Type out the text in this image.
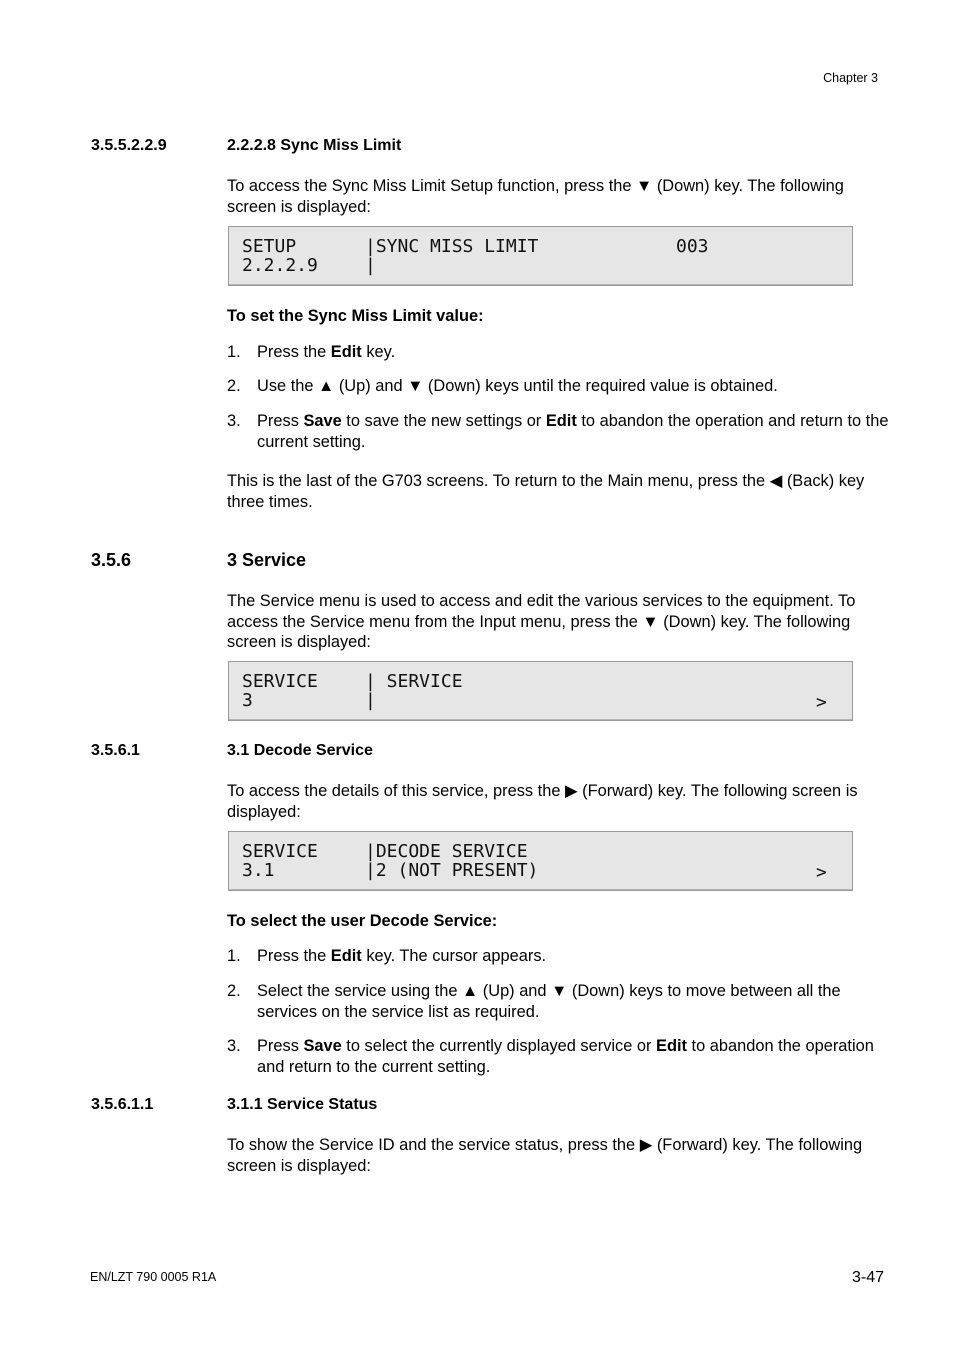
Chapter 3
3.5.5.2.2.9	2.2.2.8 Sync Miss Limit
To access the Sync Miss Limit Setup function, press the ▼ (Down) key. The following screen is displayed:
SETUP	|SYNC MISS LIMIT	003
2.2.2.9	|
To set the Sync Miss Limit value:
1. Press the Edit key.
2. Use the ▲ (Up) and ▼ (Down) keys until the required value is obtained.
3. Press Save to save the new settings or Edit to abandon the operation and return to the current setting.
This is the last of the G703 screens. To return to the Main menu, press the ◀ (Back) key three times.
3.5.6	3 Service
The Service menu is used to access and edit the various services to the equipment. To access the Service menu from the Input menu, press the ▼ (Down) key. The following screen is displayed:
SERVICE	| SERVICE
3	|	>
3.5.6.1	3.1 Decode Service
To access the details of this service, press the ▶ (Forward) key. The following screen is displayed:
SERVICE	|DECODE SERVICE
3.1	|2 (NOT PRESENT)	>
To select the user Decode Service:
1. Press the Edit key. The cursor appears.
2. Select the service using the ▲ (Up) and ▼ (Down) keys to move between all the services on the service list as required.
3. Press Save to select the currently displayed service or Edit to abandon the operation and return to the current setting.
3.5.6.1.1	3.1.1 Service Status
To show the Service ID and the service status, press the ▶ (Forward) key. The following screen is displayed:
EN/LZT 790 0005 R1A	3-47
